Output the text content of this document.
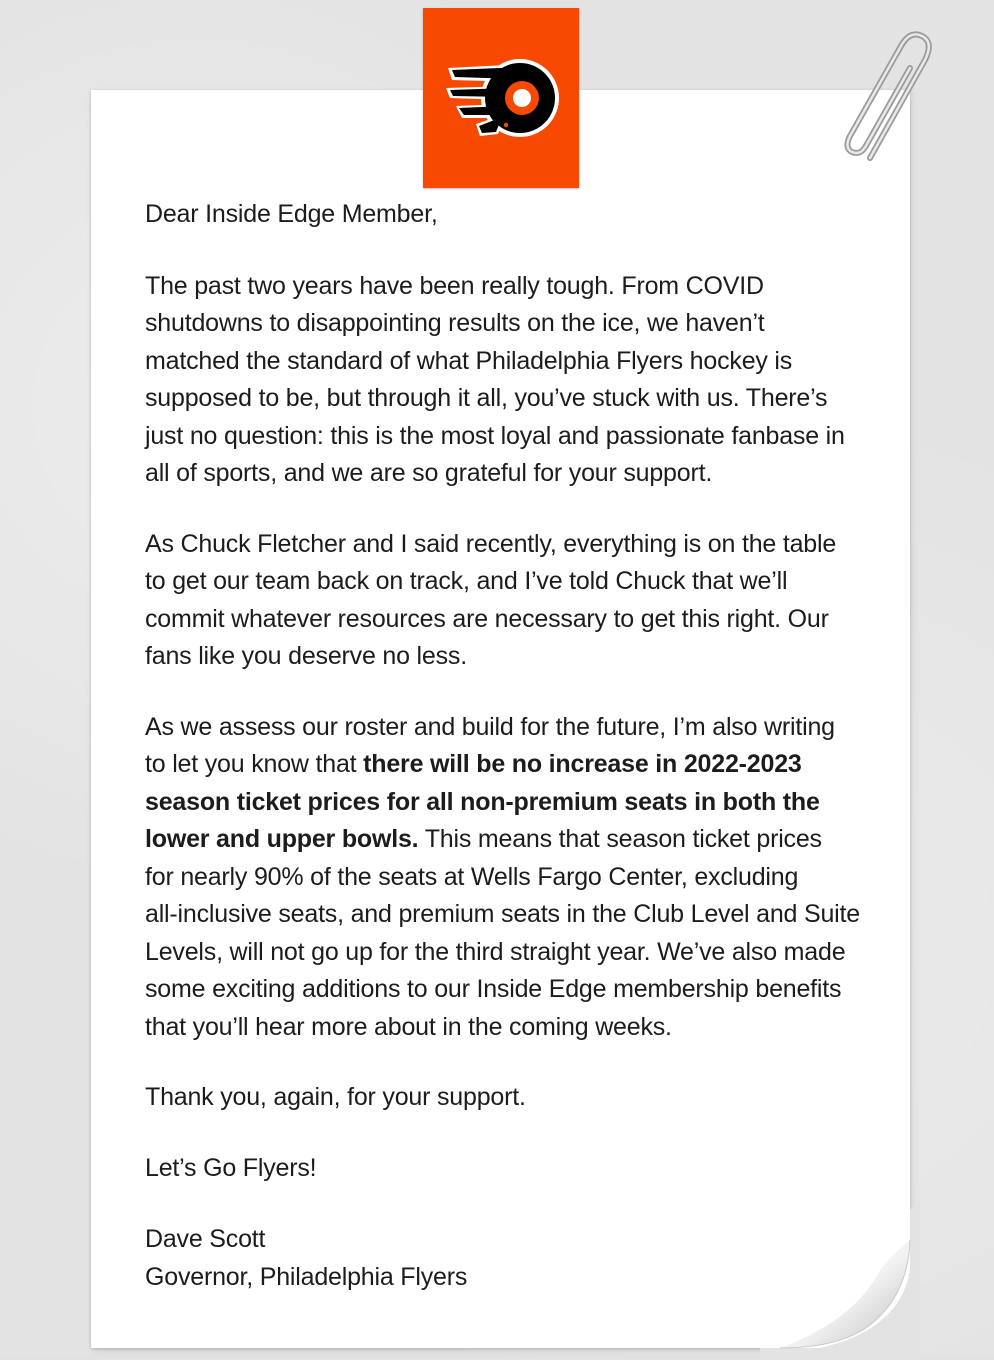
Dear Inside Edge Member,

The past two years have been really tough. From COVID
shutdowns to disappointing results on the ice, we haven’t
matched the standard of what Philadelphia Flyers hockey is
supposed to be, but through it all, you’ve stuck with us. There’s
just no question: this is the most loyal and passionate fanbase in
all of sports, and we are so grateful for your support.

As Chuck Fletcher and I said recently, everything is on the table
to get our team back on track, and I’ve told Chuck that we’ll
commit whatever resources are necessary to get this right. Our
fans like you deserve no less.

As we assess our roster and build for the future, I’m also writing
to let you know that there will be no increase in 2022-2023
season ticket prices for all non-premium seats in both the
lower and upper bowls. This means that season ticket prices
for nearly 90% of the seats at Wells Fargo Center, excluding
all-inclusive seats, and premium seats in the Club Level and Suite
Levels, will not go up for the third straight year. We’ve also made
some exciting additions to our Inside Edge membership benefits
that you’ll hear more about in the coming weeks.

Thank you, again, for your support.

Let’s Go Flyers!

Dave Scott

Governor, Philadelphia Flyers
